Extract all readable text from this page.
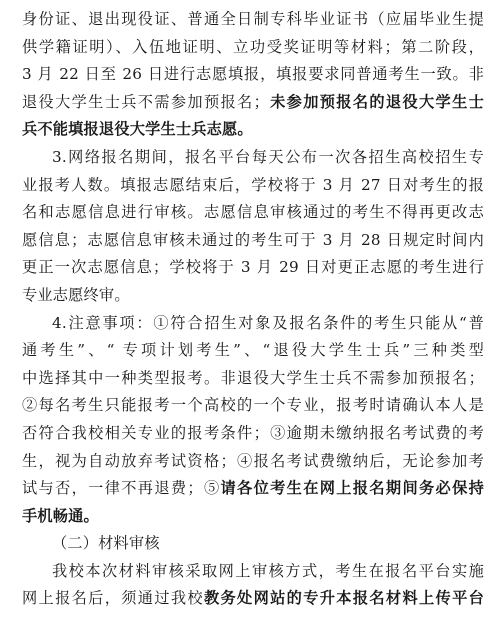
身份证、退出现役证、普通全日制专科毕业证书（应届毕业生提
供学籍证明）、入伍地证明、立功受奖证明等材料；第二阶段，
3 月 22 日至 26 日进行志愿填报，填报要求同普通考生一致。非
退役大学生士兵不需参加预报名；未参加预报名的退役大学生士
兵不能填报退役大学生士兵志愿。
3.网络报名期间，报名平台每天公布一次各招生高校招生专
业报考人数。填报志愿结束后，学校将于 3 月 27 日对考生的报
名和志愿信息进行审核。志愿信息审核通过的考生不得再更改志
愿信息；志愿信息审核未通过的考生可于 3 月 28 日规定时间内
更正一次志愿信息；学校将于 3 月 29 日对更正志愿的考生进行
专业志愿终审。
4.注意事项：①符合招生对象及报名条件的考生只能从“普
通考生”、“ 专项计划考生”、“退役大学生士兵”三种类型
中选择其中一种类型报考。非退役大学生士兵不需参加预报名；
②每名考生只能报考一个高校的一个专业，报考时请确认本人是
否符合我校相关专业的报考条件；③逾期未缴纳报名考试费的考
生，视为自动放弃考试资格；④报名考试费缴纳后，无论参加考
试与否，一律不再退费；⑤请各位考生在网上报名期间务必保持
手机畅通。
（二）材料审核
我校本次材料审核采取网上审核方式，考生在报名平台实施
网上报名后，须通过我校教务处网站的专升本报名材料上传平台
